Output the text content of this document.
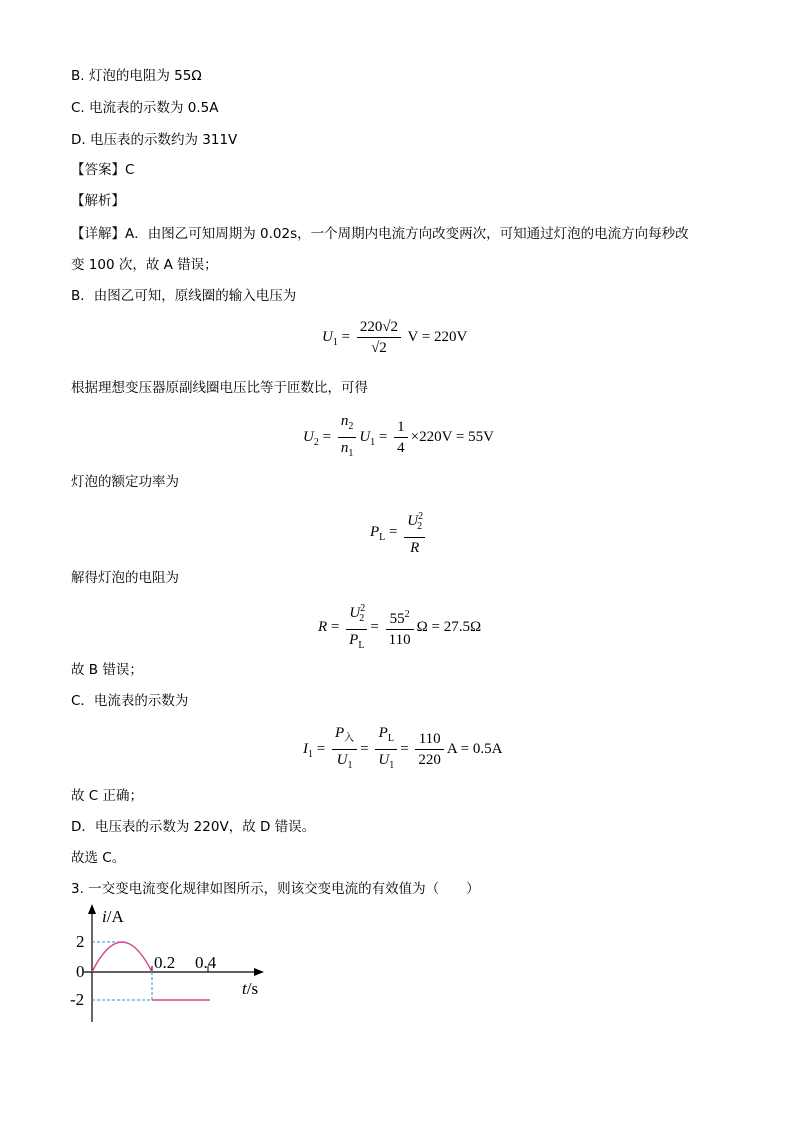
B. 灯泡的电阻为 55Ω
C. 电流表的示数为 0.5A
D. 电压表的示数约为 311V
【答案】C
【解析】
【详解】A．由图乙可知周期为 0.02s，一个周期内电流方向改变两次，可知通过灯泡的电流方向每秒改
变 100 次，故 A 错误；
B．由图乙可知，原线圈的输入电压为
$U_1 = \frac{220√2}{√2}$ V = 220V
根据理想变压器原副线圈电压比等于匝数比，可得
$U_2 = \frac{n_2}{n_1} U_1 = \frac{1}{4} \times 220V = 55V$
灯泡的额定功率为
$P_L = \frac{U^2_2}{R}$
解得灯泡的电阻为
$R = \frac{U^2_2}{P_L} = \frac{55^2}{110}$ Ω = 27.5Ω
故 B 错误；
C．电流表的示数为
$I_1 = \frac{P_入}{U_1} = \frac{P_L}{U_1} = \frac{110}{220}$ A = 0.5A
故 C 正确；
D．电压表的示数为 220V，故 D 错误。
故选 C。
3. 一交变电流变化规律如图所示，则该交变电流的有效值为（　　）
i/A
2
0
-2
0.2 0.4
t/s
